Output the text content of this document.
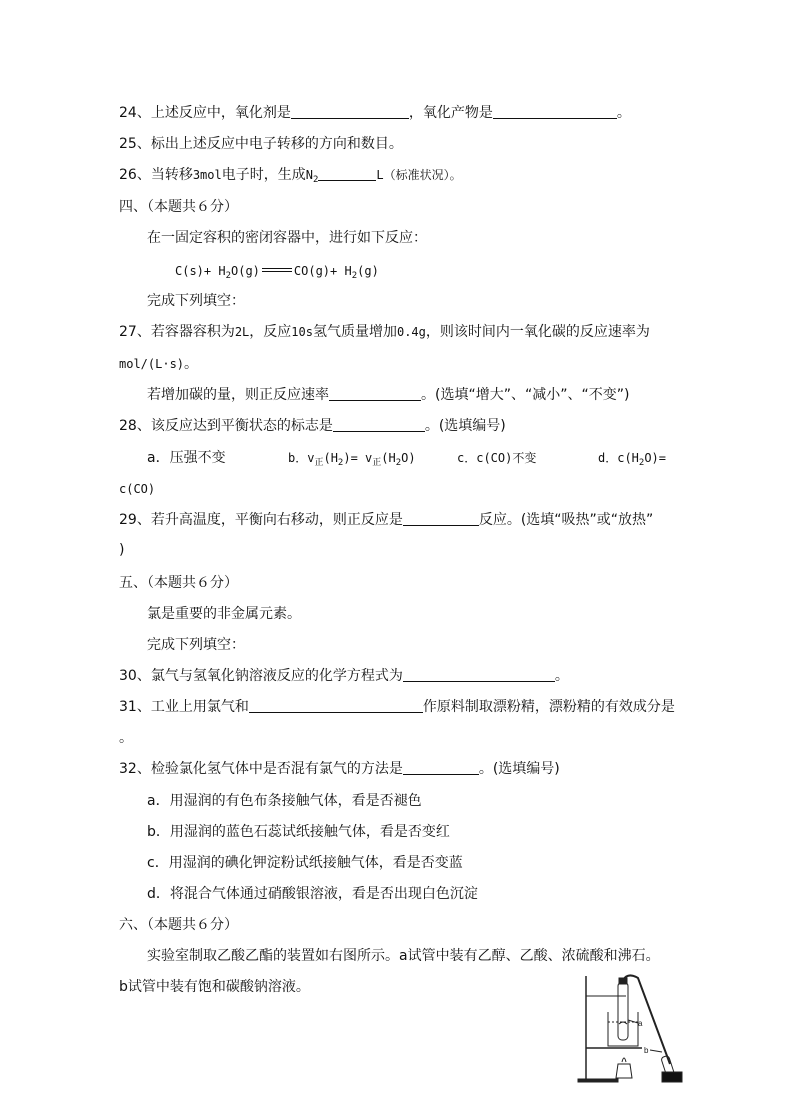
24、上述反应中，氧化剂是	，氧化产物是	。
25、标出上述反应中电子转移的方向和数目。
26、当转移3mol电子时，生成$N_2$	L（标准状况）。
四、（本题共６分）
在一固定容积的密闭容器中，进行如下反应：
$C(s)+ H_2O(g)$	$CO(g)+ H_2(g)$
完成下列填空：
27、若容器容积为2L，反应10s氢气质量增加0.4g，则该时间内一氧化碳的反应速率为
mol/(L·s)。
若增加碳的量，则正反应速率	。(选填“增大”、“减小”、“不变”)
28、该反应达到平衡状态的标志是	。(选填编号)
a．压强不变	b．$v_正(H_2)= v_正(H_2O)$	c．c(CO)不变	d．$c(H_2O)=$
c(CO)
29、若升高温度，平衡向右移动，则正反应是	反应。(选填“吸热”或“放热”
)
五、（本题共６分）
氯是重要的非金属元素。
完成下列填空：
30、氯气与氢氧化钠溶液反应的化学方程式为	。
31、工业上用氯气和	作原料制取漂粉精，漂粉精的有效成分是
。
32、检验氯化氢气体中是否混有氯气的方法是	。(选填编号)
a．用湿润的有色布条接触气体，看是否褪色
b．用湿润的蓝色石蕊试纸接触气体，看是否变红
c．用湿润的碘化钾淀粉试纸接触气体，看是否变蓝
d．将混合气体通过硝酸银溶液，看是否出现白色沉淀
六、（本题共６分）
实验室制取乙酸乙酯的装置如右图所示。a试管中装有乙醇、乙酸、浓硫酸和沸石。
b试管中装有饱和碳酸钠溶液。
a
b
